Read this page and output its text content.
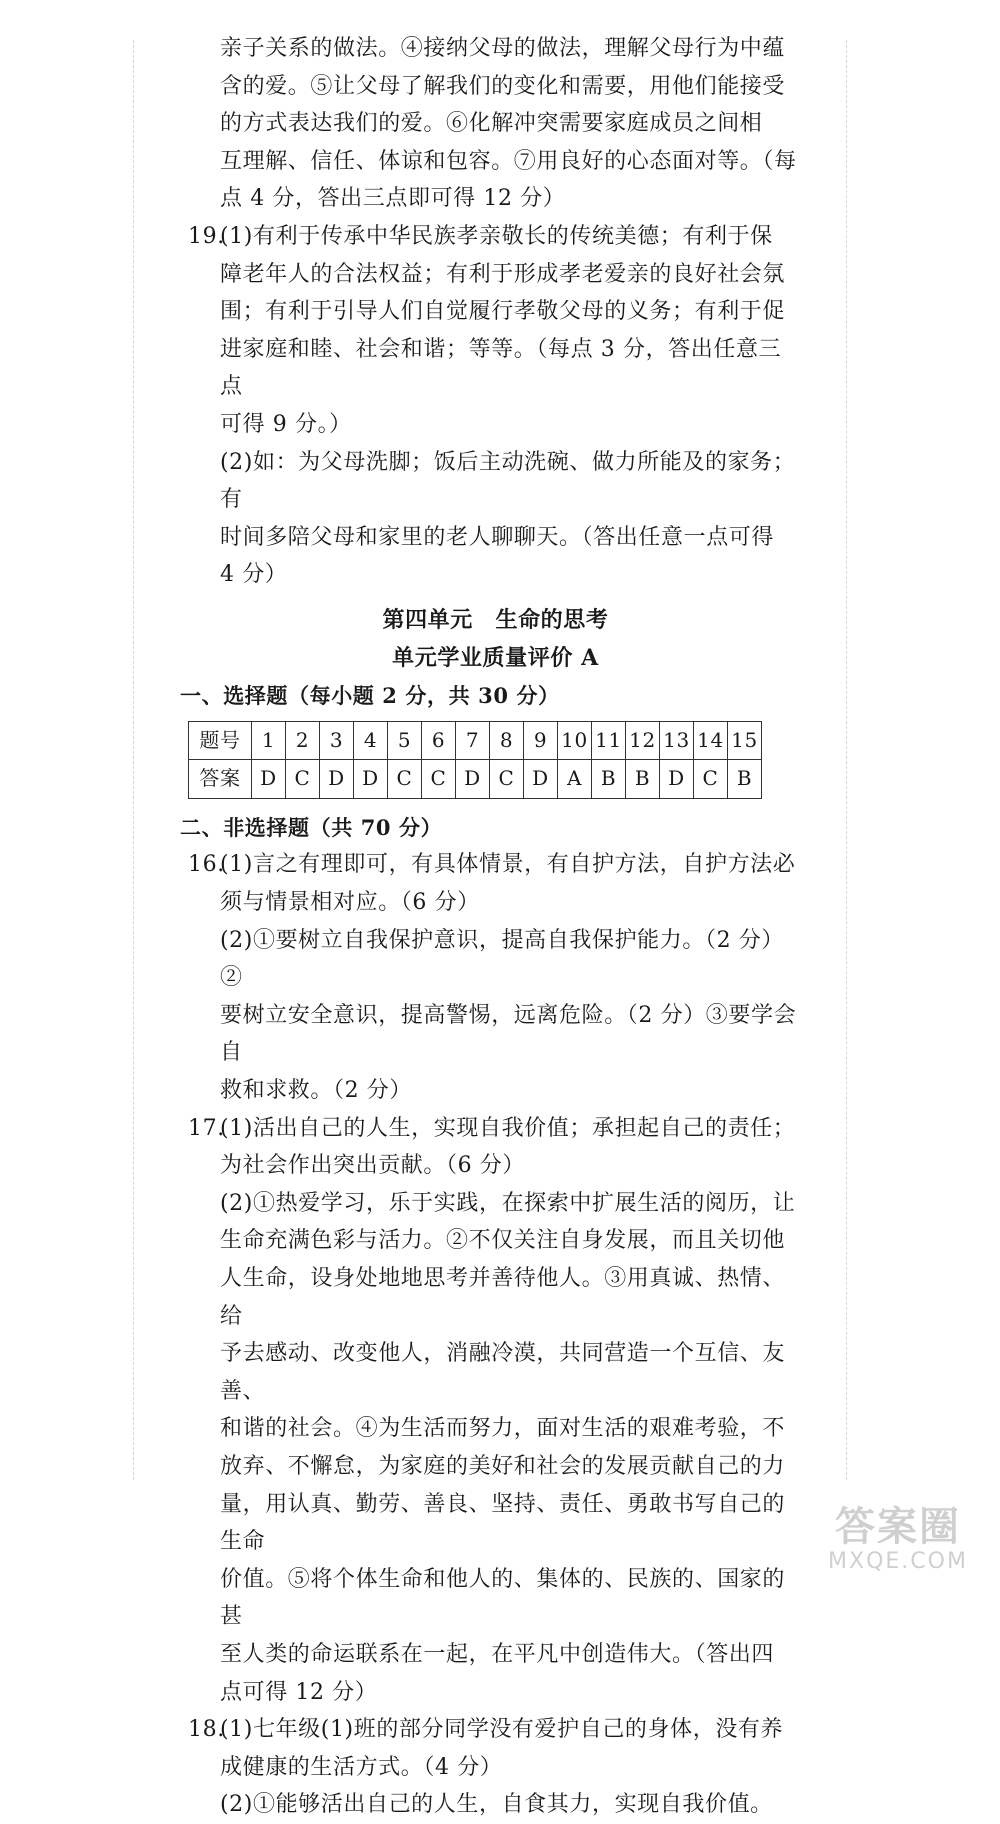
亲子关系的做法。④接纳父母的做法，理解父母行为中蕴

含的爱。⑤让父母了解我们的变化和需要，用他们能接受

的方式表达我们的爱。⑥化解冲突需要家庭成员之间相

互理解、信任、体谅和包容。⑦用良好的心态面对等。（每

点 4 分，答出三点即可得 12 分）

19.

(1)有利于传承中华民族孝亲敬长的传统美德；有利于保

障老年人的合法权益；有利于形成孝老爱亲的良好社会氛

围；有利于引导人们自觉履行孝敬父母的义务；有利于促

进家庭和睦、社会和谐；等等。（每点 3 分，答出任意三点

可得 9 分。）

(2)如：为父母洗脚；饭后主动洗碗、做力所能及的家务；有

时间多陪父母和家里的老人聊聊天。（答出任意一点可得

4 分）

第四单元　生命的思考

单元学业质量评价 A

一、选择题（每小题 2 分，共 30 分）

题号	1	2	3	4	5	6	7	8	9	10	11	12	13	14	15
答案	D	C	D	D	C	C	D	C	D	A	B	B	D	C	B

二、非选择题（共 70 分）

16.

(1)言之有理即可，有具体情景，有自护方法，自护方法必

须与情景相对应。（6 分）

(2)①要树立自我保护意识，提高自我保护能力。（2 分）②

要树立安全意识，提高警惕，远离危险。（2 分）③要学会自

救和求救。（2 分）

17.

(1)活出自己的人生，实现自我价值；承担起自己的责任；

为社会作出突出贡献。（6 分）

(2)①热爱学习，乐于实践，在探索中扩展生活的阅历，让

生命充满色彩与活力。②不仅关注自身发展，而且关切他

人生命，设身处地地思考并善待他人。③用真诚、热情、给

予去感动、改变他人，消融冷漠，共同营造一个互信、友善、

和谐的社会。④为生活而努力，面对生活的艰难考验，不

放弃、不懈怠，为家庭的美好和社会的发展贡献自己的力

量，用认真、勤劳、善良、坚持、责任、勇敢书写自己的生命

价值。⑤将个体生命和他人的、集体的、民族的、国家的甚

至人类的命运联系在一起，在平凡中创造伟大。（答出四

点可得 12 分）

18.

(1)七年级(1)班的部分同学没有爱护自己的身体，没有养

成健康的生活方式。（4 分）

(2)①能够活出自己的人生，自食其力，实现自我价值。

答案圈
MXQE.COM
